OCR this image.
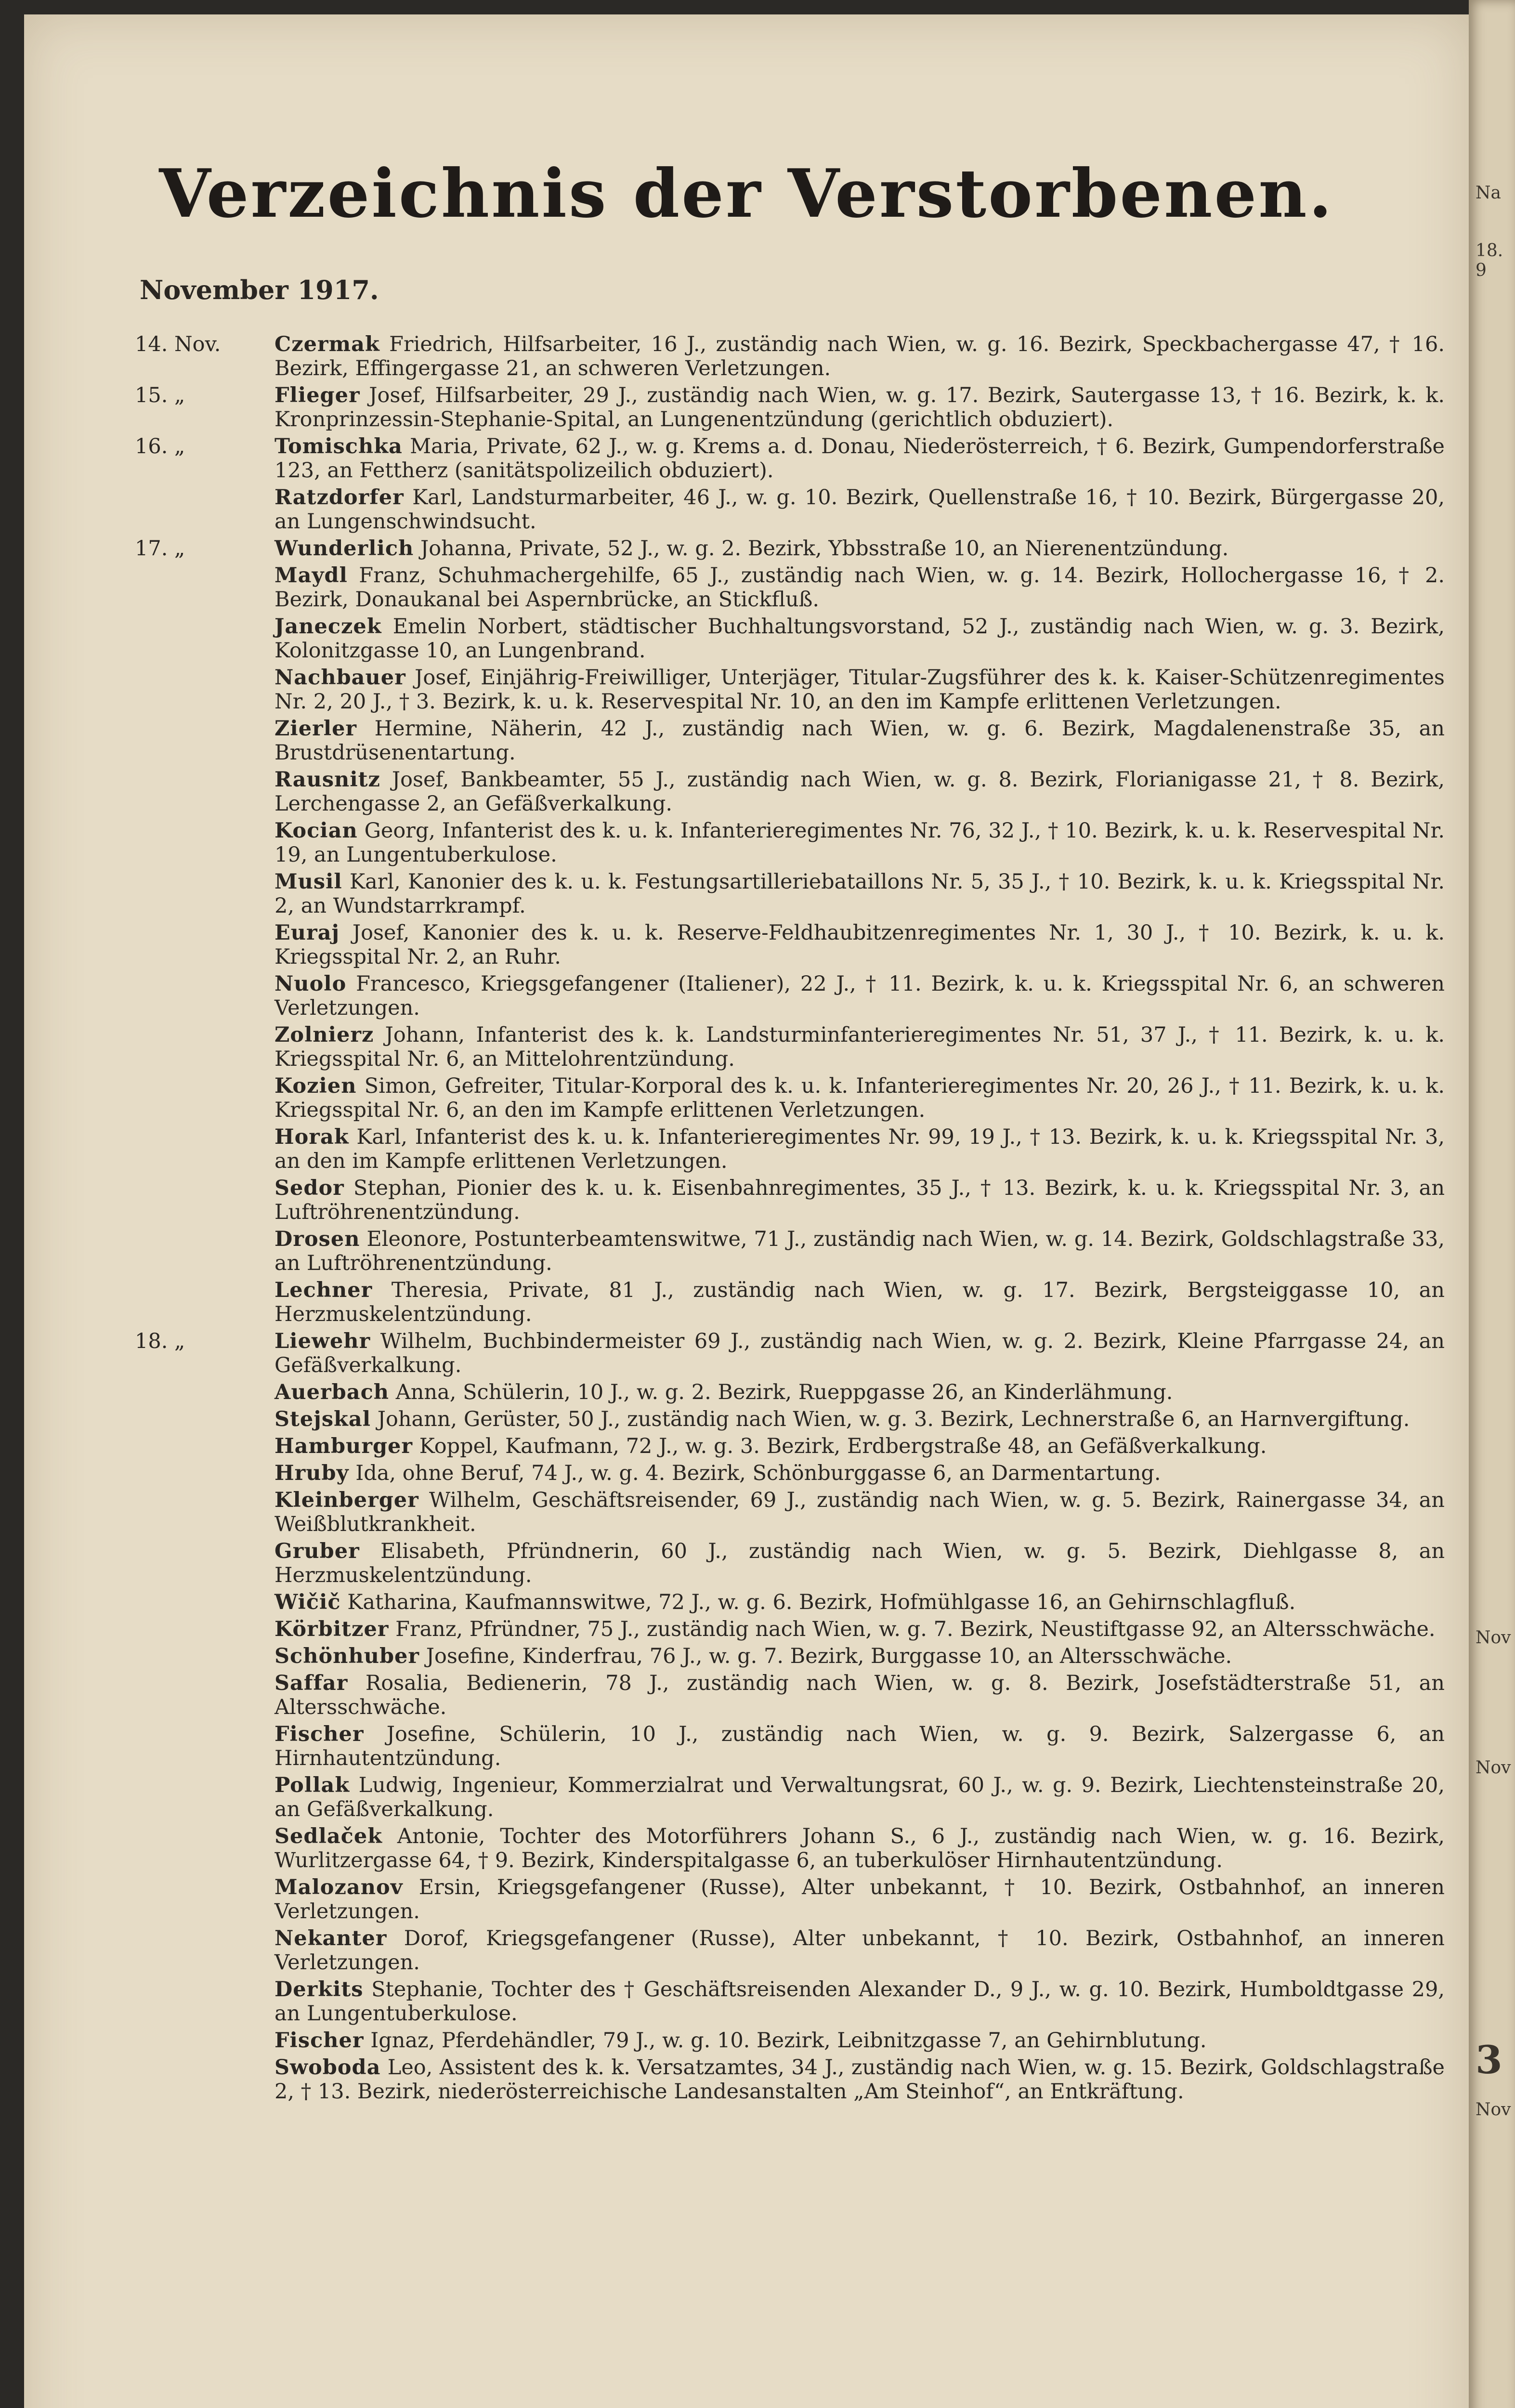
Verzeichnis der Verstorbenen.
November 1917.
14. Nov.	Czermak Friedrich, Hilfsarbeiter, 16 J., zuständig nach Wien, w. g. 16. Bezirk, Speckbachergasse 47, † 16. Bezirk, Effingergasse 21, an schweren Verletzungen.
15. „	Flieger Josef, Hilfsarbeiter, 29 J., zuständig nach Wien, w. g. 17. Bezirk, Sautergasse 13, † 16. Bezirk, k. k. Kronprinzessin-Stephanie-Spital, an Lungenentzündung (gerichtlich obduziert).
16. „	Tomischka Maria, Private, 62 J., w. g. Krems a. d. Donau, Niederösterreich, † 6. Bezirk, Gumpendorferstraße 123, an Fettherz (sanitätspolizeilich obduziert).
Ratzdorfer Karl, Landsturmarbeiter, 46 J., w. g. 10. Bezirk, Quellenstraße 16, † 10. Bezirk, Bürgergasse 20, an Lungenschwindsucht.
17. „	Wunderlich Johanna, Private, 52 J., w. g. 2. Bezirk, Ybbsstraße 10, an Nierenentzündung.
Maydl Franz, Schuhmachergehilfe, 65 J., zuständig nach Wien, w. g. 14. Bezirk, Hollochergasse 16, † 2. Bezirk, Donaukanal bei Aspernbrücke, an Stickfluß.
Janeczek Emelin Norbert, städtischer Buchhaltungsvorstand, 52 J., zuständig nach Wien, w. g. 3. Bezirk, Kolonitzgasse 10, an Lungenbrand.
Nachbauer Josef, Einjährig-Freiwilliger, Unterjäger, Titular-Zugsführer des k. k. Kaiser-Schützenregimentes Nr. 2, 20 J., † 3. Bezirk, k. u. k. Reservespital Nr. 10, an den im Kampfe erlittenen Verletzungen.
Zierler Hermine, Näherin, 42 J., zuständig nach Wien, w. g. 6. Bezirk, Magdalenenstraße 35, an Brustdrüsenentartung.
Rausnitz Josef, Bankbeamter, 55 J., zuständig nach Wien, w. g. 8. Bezirk, Florianigasse 21, † 8. Bezirk, Lerchengasse 2, an Gefäßverkalkung.
Kocian Georg, Infanterist des k. u. k. Infanterieregimentes Nr. 76, 32 J., † 10. Bezirk, k. u. k. Reservespital Nr. 19, an Lungentuberkulose.
Musil Karl, Kanonier des k. u. k. Festungsartilleriebataillons Nr. 5, 35 J., † 10. Bezirk, k. u. k. Kriegsspital Nr. 2, an Wundstarrkrampf.
Euraj Josef, Kanonier des k. u. k. Reserve-Feldhaubitzenregimentes Nr. 1, 30 J., † 10. Bezirk, k. u. k. Kriegsspital Nr. 2, an Ruhr.
Nuolo Francesco, Kriegsgefangener (Italiener), 22 J., † 11. Bezirk, k. u. k. Kriegsspital Nr. 6, an schweren Verletzungen.
Zolnierz Johann, Infanterist des k. k. Landsturminfanterieregimentes Nr. 51, 37 J., † 11. Bezirk, k. u. k. Kriegsspital Nr. 6, an Mittelohrentzündung.
Kozien Simon, Gefreiter, Titular-Korporal des k. u. k. Infanterieregimentes Nr. 20, 26 J., † 11. Bezirk, k. u. k. Kriegsspital Nr. 6, an den im Kampfe erlittenen Verletzungen.
Horak Karl, Infanterist des k. u. k. Infanterieregimentes Nr. 99, 19 J., † 13. Bezirk, k. u. k. Kriegsspital Nr. 3, an den im Kampfe erlittenen Verletzungen.
Sedor Stephan, Pionier des k. u. k. Eisenbahnregimentes, 35 J., † 13. Bezirk, k. u. k. Kriegsspital Nr. 3, an Luftröhrenentzündung.
Drosen Eleonore, Postunterbeamtenswitwe, 71 J., zuständig nach Wien, w. g. 14. Bezirk, Goldschlagstraße 33, an Luftröhrenentzündung.
Lechner Theresia, Private, 81 J., zuständig nach Wien, w. g. 17. Bezirk, Bergsteiggasse 10, an Herzmuskelentzündung.
18. „	Liewehr Wilhelm, Buchbindermeister 69 J., zuständig nach Wien, w. g. 2. Bezirk, Kleine Pfarrgasse 24, an Gefäßverkalkung.
Auerbach Anna, Schülerin, 10 J., w. g. 2. Bezirk, Rueppgasse 26, an Kinderlähmung.
Stejskal Johann, Gerüster, 50 J., zuständig nach Wien, w. g. 3. Bezirk, Lechnerstraße 6, an Harnvergiftung.
Hamburger Koppel, Kaufmann, 72 J., w. g. 3. Bezirk, Erdbergstraße 48, an Gefäßverkalkung.
Hruby Ida, ohne Beruf, 74 J., w. g. 4. Bezirk, Schönburggasse 6, an Darmentartung.
Kleinberger Wilhelm, Geschäftsreisender, 69 J., zuständig nach Wien, w. g. 5. Bezirk, Rainergasse 34, an Weißblutkrankheit.
Gruber Elisabeth, Pfründnerin, 60 J., zuständig nach Wien, w. g. 5. Bezirk, Diehlgasse 8, an Herzmuskelentzündung.
Wičič Katharina, Kaufmannswitwe, 72 J., w. g. 6. Bezirk, Hofmühlgasse 16, an Gehirnschlagfluß.
Körbitzer Franz, Pfründner, 75 J., zuständig nach Wien, w. g. 7. Bezirk, Neustiftgasse 92, an Altersschwäche.
Schönhuber Josefine, Kinderfrau, 76 J., w. g. 7. Bezirk, Burggasse 10, an Altersschwäche.
Saffar Rosalia, Bedienerin, 78 J., zuständig nach Wien, w. g. 8. Bezirk, Josefstädterstraße 51, an Altersschwäche.
Fischer Josefine, Schülerin, 10 J., zuständig nach Wien, w. g. 9. Bezirk, Salzergasse 6, an Hirnhautentzündung.
Pollak Ludwig, Ingenieur, Kommerzialrat und Verwaltungsrat, 60 J., w. g. 9. Bezirk, Liechtensteinstraße 20, an Gefäßverkalkung.
Sedlaček Antonie, Tochter des Motorführers Johann S., 6 J., zuständig nach Wien, w. g. 16. Bezirk, Wurlitzergasse 64, † 9. Bezirk, Kinderspitalgasse 6, an tuberkulöser Hirnhautentzündung.
Malozanov Ersin, Kriegsgefangener (Russe), Alter unbekannt, † 10. Bezirk, Ostbahnhof, an inneren Verletzungen.
Nekanter Dorof, Kriegsgefangener (Russe), Alter unbekannt, † 10. Bezirk, Ostbahnhof, an inneren Verletzungen.
Derkits Stephanie, Tochter des † Geschäftsreisenden Alexander D., 9 J., w. g. 10. Bezirk, Humboldtgasse 29, an Lungentuberkulose.
Fischer Ignaz, Pferdehändler, 79 J., w. g. 10. Bezirk, Leibnitzgasse 7, an Gehirnblutung.
Swoboda Leo, Assistent des k. k. Versatzamtes, 34 J., zuständig nach Wien, w. g. 15. Bezirk, Goldschlagstraße 2, † 13. Bezirk, niederösterreichische Landesanstalten „Am Steinhof“, an Entkräftung.
Na
18. 9
Nov
Nov
3
Nov
